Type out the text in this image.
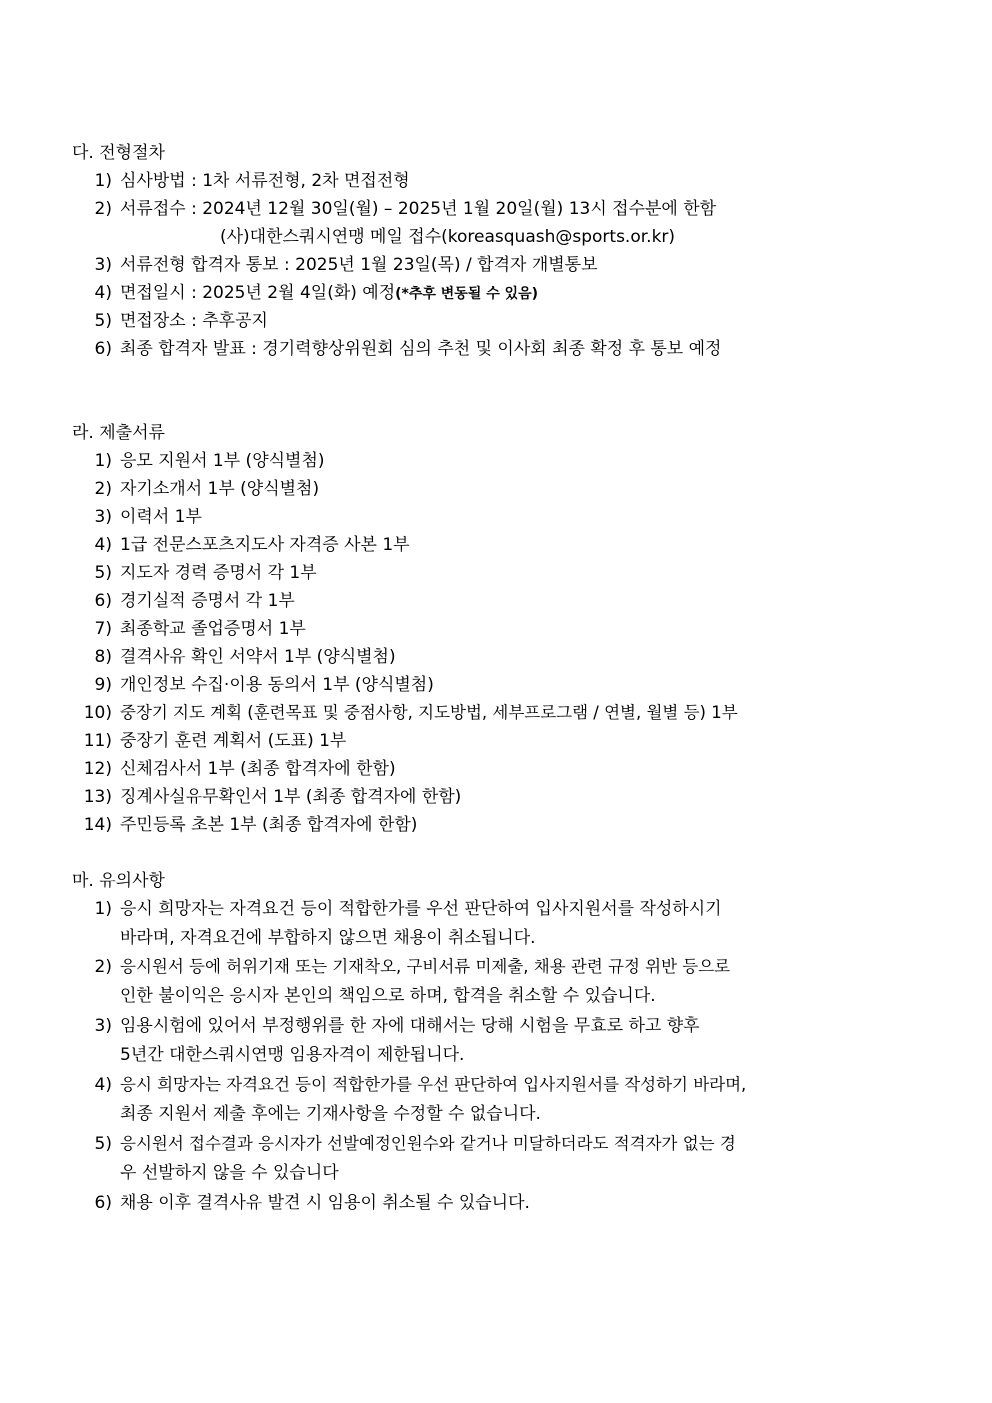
다. 전형절차
1) 심사방법 : 1차 서류전형, 2차 면접전형
2) 서류접수 : 2024년 12월 30일(월) – 2025년 1월 20일(월) 13시 접수분에 한함
(사)대한스쿼시연맹 메일 접수(koreasquash@sports.or.kr)
3) 서류전형 합격자 통보 : 2025년 1월 23일(목) / 합격자 개별통보
4) 면접일시 : 2025년 2월 4일(화) 예정(*추후 변동될 수 있음)
5) 면접장소 : 추후공지
6) 최종 합격자 발표 : 경기력향상위원회 심의 추천 및 이사회 최종 확정 후 통보 예정
라. 제출서류
1) 응모 지원서 1부 (양식별첨)
2) 자기소개서 1부 (양식별첨)
3) 이력서 1부
4) 1급 전문스포츠지도사 자격증 사본 1부
5) 지도자 경력 증명서 각 1부
6) 경기실적 증명서 각 1부
7) 최종학교 졸업증명서 1부
8) 결격사유 확인 서약서 1부 (양식별첨)
9) 개인정보 수집·이용 동의서 1부 (양식별첨)
10) 중장기 지도 계획 (훈련목표 및 중점사항, 지도방법, 세부프로그램 / 연별, 월별 등) 1부
11) 중장기 훈련 계획서 (도표) 1부
12) 신체검사서 1부 (최종 합격자에 한함)
13) 징계사실유무확인서 1부 (최종 합격자에 한함)
14) 주민등록 초본 1부 (최종 합격자에 한함)
마. 유의사항
1) 응시 희망자는 자격요건 등이 적합한가를 우선 판단하여 입사지원서를 작성하시기
바라며, 자격요건에 부합하지 않으면 채용이 취소됩니다.
2) 응시원서 등에 허위기재 또는 기재착오, 구비서류 미제출, 채용 관련 규정 위반 등으로
인한 불이익은 응시자 본인의 책임으로 하며, 합격을 취소할 수 있습니다.
3) 임용시험에 있어서 부정행위를 한 자에 대해서는 당해 시험을 무효로 하고 향후
5년간 대한스쿼시연맹 임용자격이 제한됩니다.
4) 응시 희망자는 자격요건 등이 적합한가를 우선 판단하여 입사지원서를 작성하기 바라며,
최종 지원서 제출 후에는 기재사항을 수정할 수 없습니다.
5) 응시원서 접수결과 응시자가 선발예정인원수와 같거나 미달하더라도 적격자가 없는 경
우 선발하지 않을 수 있습니다
6) 채용 이후 결격사유 발견 시 임용이 취소될 수 있습니다.
